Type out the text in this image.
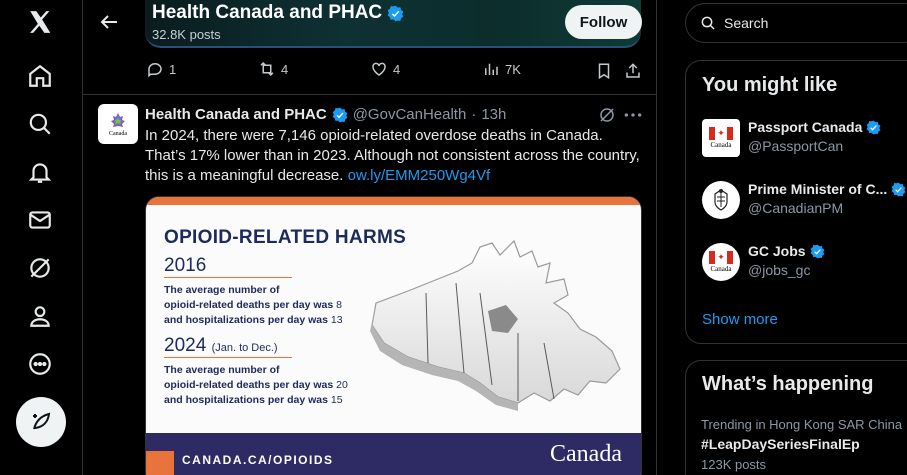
Health Canada and PHAC
32.8K posts
Follow
1	4	4	7K
Canada
Health Canada and PHAC @GovCanHealth · 13h
In 2024, there were 7,146 opioid-related overdose deaths in Canada. That’s 17% lower than in 2023. Although not consistent across the country, this is a meaningful decrease. ow.ly/EMM250Wg4Vf
OPIOID-RELATED HARMS
2016
The average number of
opioid-related deaths per day was 8
and hospitalizations per day was 13
2024 (Jan. to Dec.)
The average number of
opioid-related deaths per day was 20
and hospitalizations per day was 15
CANADA.CA/OPIOIDS	Canada
Search
You might like
✦
Canada
Passport Canada
@PassportCan
Prime Minister of C...
@CanadianPM
✦
Canada
GC Jobs
@jobs_gc
Show more
What’s happening
Trending in Hong Kong SAR China
#LeapDaySeriesFinalEp
123K posts
